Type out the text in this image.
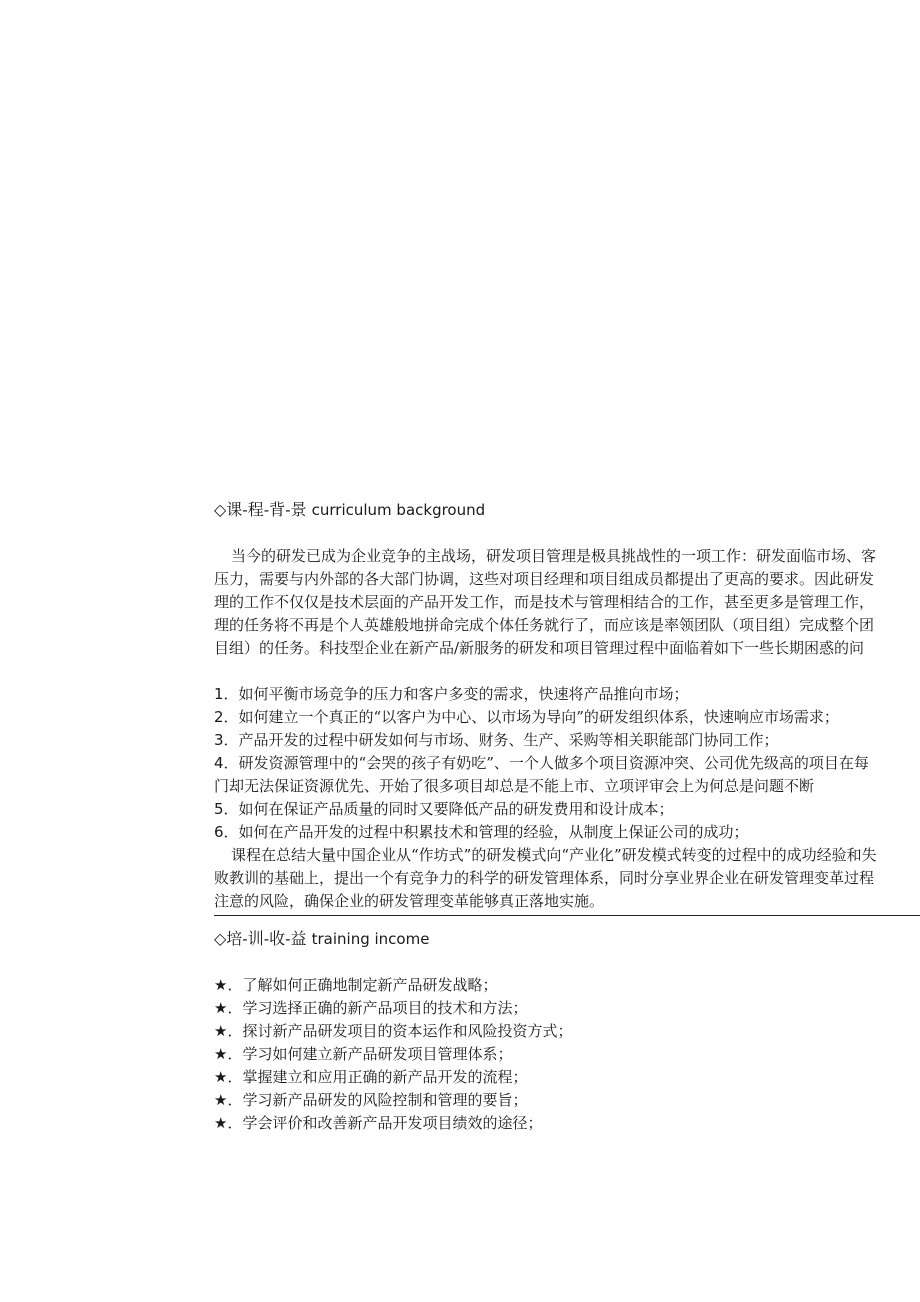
◇课-程-背-景 curriculum background
当今的研发已成为企业竞争的主战场，研发项目管理是极具挑战性的一项工作：研发面临市场、客
压力，需要与内外部的各大部门协调，这些对项目经理和项目组成员都提出了更高的要求。因此研发
理的工作不仅仅是技术层面的产品开发工作，而是技术与管理相结合的工作，甚至更多是管理工作，
理的任务将不再是个人英雄般地拼命完成个体任务就行了，而应该是率领团队（项目组）完成整个团
目组）的任务。科技型企业在新产品/新服务的研发和项目管理过程中面临着如下一些长期困惑的问
1．如何平衡市场竞争的压力和客户多变的需求，快速将产品推向市场；
2．如何建立一个真正的“以客户为中心、以市场为导向”的研发组织体系，快速响应市场需求；
3．产品开发的过程中研发如何与市场、财务、生产、采购等相关职能部门协同工作；
4．研发资源管理中的“会哭的孩子有奶吃”、一个人做多个项目资源冲突、公司优先级高的项目在每
门却无法保证资源优先、开始了很多项目却总是不能上市、立项评审会上为何总是问题不断
5．如何在保证产品质量的同时又要降低产品的研发费用和设计成本；
6．如何在产品开发的过程中积累技术和管理的经验，从制度上保证公司的成功；
课程在总结大量中国企业从“作坊式”的研发模式向“产业化”研发模式转变的过程中的成功经验和失
败教训的基础上，提出一个有竞争力的科学的研发管理体系，同时分享业界企业在研发管理变革过程
注意的风险，确保企业的研发管理变革能够真正落地实施。
◇培-训-收-益 training income
★．了解如何正确地制定新产品研发战略；
★．学习选择正确的新产品项目的技术和方法；
★．探讨新产品研发项目的资本运作和风险投资方式；
★．学习如何建立新产品研发项目管理体系；
★．掌握建立和应用正确的新产品开发的流程；
★．学习新产品研发的风险控制和管理的要旨；
★．学会评价和改善新产品开发项目绩效的途径；
